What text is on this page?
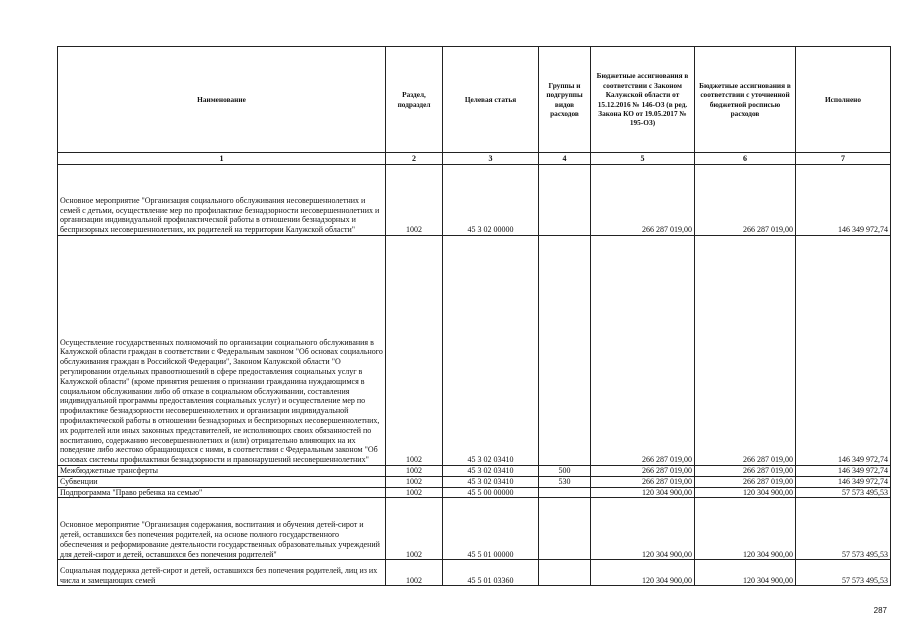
Наименование	Раздел, подраздел	Целевая статья	Группы и подгруппы видов расходов	Бюджетные ассигнования в соответствии с Законом Калужской области от 15.12.2016 № 146-ОЗ (в ред. Закона КО от 19.05.2017 № 195-ОЗ)	Бюджетные ассигнования в соответствии с уточненной бюджетной росписью расходов	Исполнено
1	2	3	4	5	6	7
Основное мероприятие "Организация социального обслуживания несовершеннолетних и семей с детьми, осуществление мер по профилактике безнадзорности несовершеннолетних и организации индивидуальной профилактической работы в отношении безнадзорных и беспризорных несовершеннолетних, их родителей на территории Калужской области"	1002	45 3 02 00000		266 287 019,00	266 287 019,00	146 349 972,74
Осуществление государственных полномочий по организации социального обслуживания в Калужской области граждан в соответствии с Федеральным законом "Об основах социального обслуживания граждан в Российской Федерации", Законом Калужской области "О регулировании отдельных правоотношений в сфере предоставления социальных услуг в Калужской области" (кроме принятия решения о признании гражданина нуждающимся в социальном обслуживании либо об отказе в социальном обслуживании, составления индивидуальной программы предоставления социальных услуг) и осуществление мер по профилактике безнадзорности несовершеннолетних и организации индивидуальной профилактической работы в отношении безнадзорных и беспризорных несовершеннолетних, их родителей или иных законных представителей, не исполняющих своих обязанностей по воспитанию, содержанию несовершеннолетних и (или) отрицательно влияющих на их поведение либо жестоко обращающихся с ними, в соответствии с Федеральным законом "Об основах системы профилактики безнадзорности и правонарушений несовершеннолетних"	1002	45 3 02 03410		266 287 019,00	266 287 019,00	146 349 972,74
Межбюджетные трансферты	1002	45 3 02 03410	500	266 287 019,00	266 287 019,00	146 349 972,74
Субвенции	1002	45 3 02 03410	530	266 287 019,00	266 287 019,00	146 349 972,74
Подпрограмма "Право ребенка на семью"	1002	45 5 00 00000		120 304 900,00	120 304 900,00	57 573 495,53
Основное мероприятие "Организация содержания, воспитания и обучения детей-сирот и детей, оставшихся без попечения родителей, на основе полного государственного обеспечения и реформирование деятельности государственных образовательных учреждений для детей-сирот и детей, оставшихся без попечения родителей"	1002	45 5 01 00000		120 304 900,00	120 304 900,00	57 573 495,53
Социальная поддержка детей-сирот и детей, оставшихся без попечения родителей, лиц из их числа и замещающих семей	1002	45 5 01 03360		120 304 900,00	120 304 900,00	57 573 495,53
287
